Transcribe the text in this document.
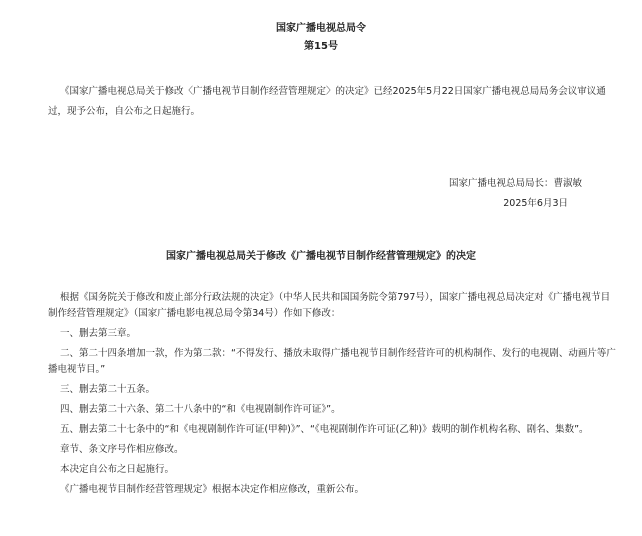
国家广播电视总局令
第15号

《国家广播电视总局关于修改〈广播电视节目制作经营管理规定〉的决定》已经2025年5月22日国家广播电视总局局务会议审议通过，现予公布，自公布之日起施行。

国家广播电视总局局长：曹淑敏
2025年6月3日
国家广播电视总局关于修改《广播电视节目制作经营管理规定》的决定

根据《国务院关于修改和废止部分行政法规的决定》（中华人民共和国国务院令第797号），国家广播电视总局决定对《广播电视节目制作经营管理规定》（国家广播电影电视总局令第34号）作如下修改：

一、删去第三章。

二、第二十四条增加一款，作为第二款：“不得发行、播放未取得广播电视节目制作经营许可的机构制作、发行的电视剧、动画片等广播电视节目。”

三、删去第二十五条。

四、删去第二十六条、第二十八条中的“和《电视剧制作许可证》”。

五、删去第二十七条中的“和《电视剧制作许可证(甲种)》”、“《电视剧制作许可证(乙种)》载明的制作机构名称、剧名、集数”。

章节、条文序号作相应修改。

本决定自公布之日起施行。

《广播电视节目制作经营管理规定》根据本决定作相应修改，重新公布。
